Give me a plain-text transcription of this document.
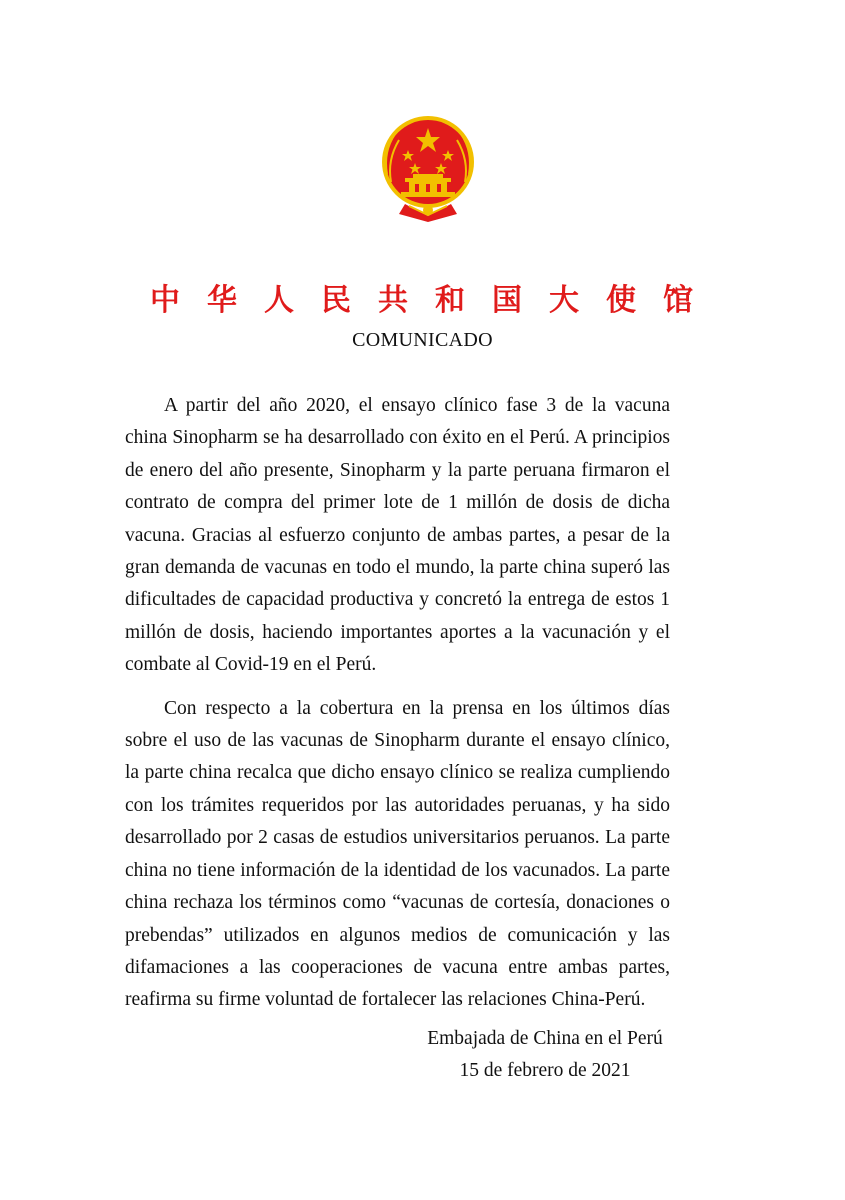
中华人民共和国大使馆
COMUNICADO

A partir del año 2020, el ensayo clínico fase 3 de la vacuna china Sinopharm se ha desarrollado con éxito en el Perú. A principios de enero del año presente, Sinopharm y la parte peruana firmaron el contrato de compra del primer lote de 1 millón de dosis de dicha vacuna. Gracias al esfuerzo conjunto de ambas partes, a pesar de la gran demanda de vacunas en todo el mundo, la parte china superó las dificultades de capacidad productiva y concretó la entrega de estos 1 millón de dosis, haciendo importantes aportes a la vacunación y el combate al Covid-19 en el Perú.

Con respecto a la cobertura en la prensa en los últimos días sobre el uso de las vacunas de Sinopharm durante el ensayo clínico, la parte china recalca que dicho ensayo clínico se realiza cumpliendo con los trámites requeridos por las autoridades peruanas, y ha sido desarrollado por 2 casas de estudios universitarios peruanos. La parte china no tiene información de la identidad de los vacunados. La parte china rechaza los términos como “vacunas de cortesía, donaciones o prebendas” utilizados en algunos medios de comunicación y las difamaciones a las cooperaciones de vacuna entre ambas partes, reafirma su firme voluntad de fortalecer las relaciones China-Perú.

Embajada de China en el Perú
15 de febrero de 2021
